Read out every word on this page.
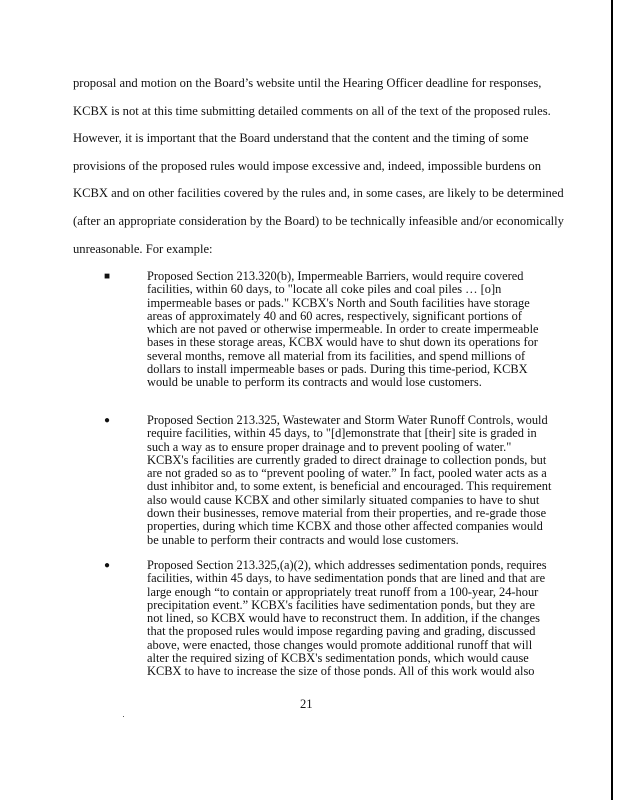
proposal and motion on the Board’s website until the Hearing Officer deadline for responses,
KCBX is not at this time submitting detailed comments on all of the text of the proposed rules.
However, it is important that the Board understand that the content and the timing of some
provisions of the proposed rules would impose excessive and, indeed, impossible burdens on
KCBX and on other facilities covered by the rules and, in some cases, are likely to be determined
(after an appropriate consideration by the Board) to be technically infeasible and/or economically
unreasonable. For example:
■	Proposed Section 213.320(b), Impermeable Barriers, would require covered
facilities, within 60 days, to "locate all coke piles and coal piles … [o]n
impermeable bases or pads." KCBX's North and South facilities have storage
areas of approximately 40 and 60 acres, respectively, significant portions of
which are not paved or otherwise impermeable. In order to create impermeable
bases in these storage areas, KCBX would have to shut down its operations for
several months, remove all material from its facilities, and spend millions of
dollars to install impermeable bases or pads. During this time-period, KCBX
would be unable to perform its contracts and would lose customers.
●	Proposed Section 213.325, Wastewater and Storm Water Runoff Controls, would
require facilities, within 45 days, to "[d]emonstrate that [their] site is graded in
such a way as to ensure proper drainage and to prevent pooling of water."
KCBX's facilities are currently graded to direct drainage to collection ponds, but
are not graded so as to “prevent pooling of water.” In fact, pooled water acts as a
dust inhibitor and, to some extent, is beneficial and encouraged. This requirement
also would cause KCBX and other similarly situated companies to have to shut
down their businesses, remove material from their properties, and re-grade those
properties, during which time KCBX and those other affected companies would
be unable to perform their contracts and would lose customers.
●	Proposed Section 213.325,(a)(2), which addresses sedimentation ponds, requires
facilities, within 45 days, to have sedimentation ponds that are lined and that are
large enough “to contain or appropriately treat runoff from a 100-year, 24-hour
precipitation event.” KCBX's facilities have sedimentation ponds, but they are
not lined, so KCBX would have to reconstruct them. In addition, if the changes
that the proposed rules would impose regarding paving and grading, discussed
above, were enacted, those changes would promote additional runoff that will
alter the required sizing of KCBX's sedimentation ponds, which would cause
KCBX to have to increase the size of those ponds. All of this work would also
21
